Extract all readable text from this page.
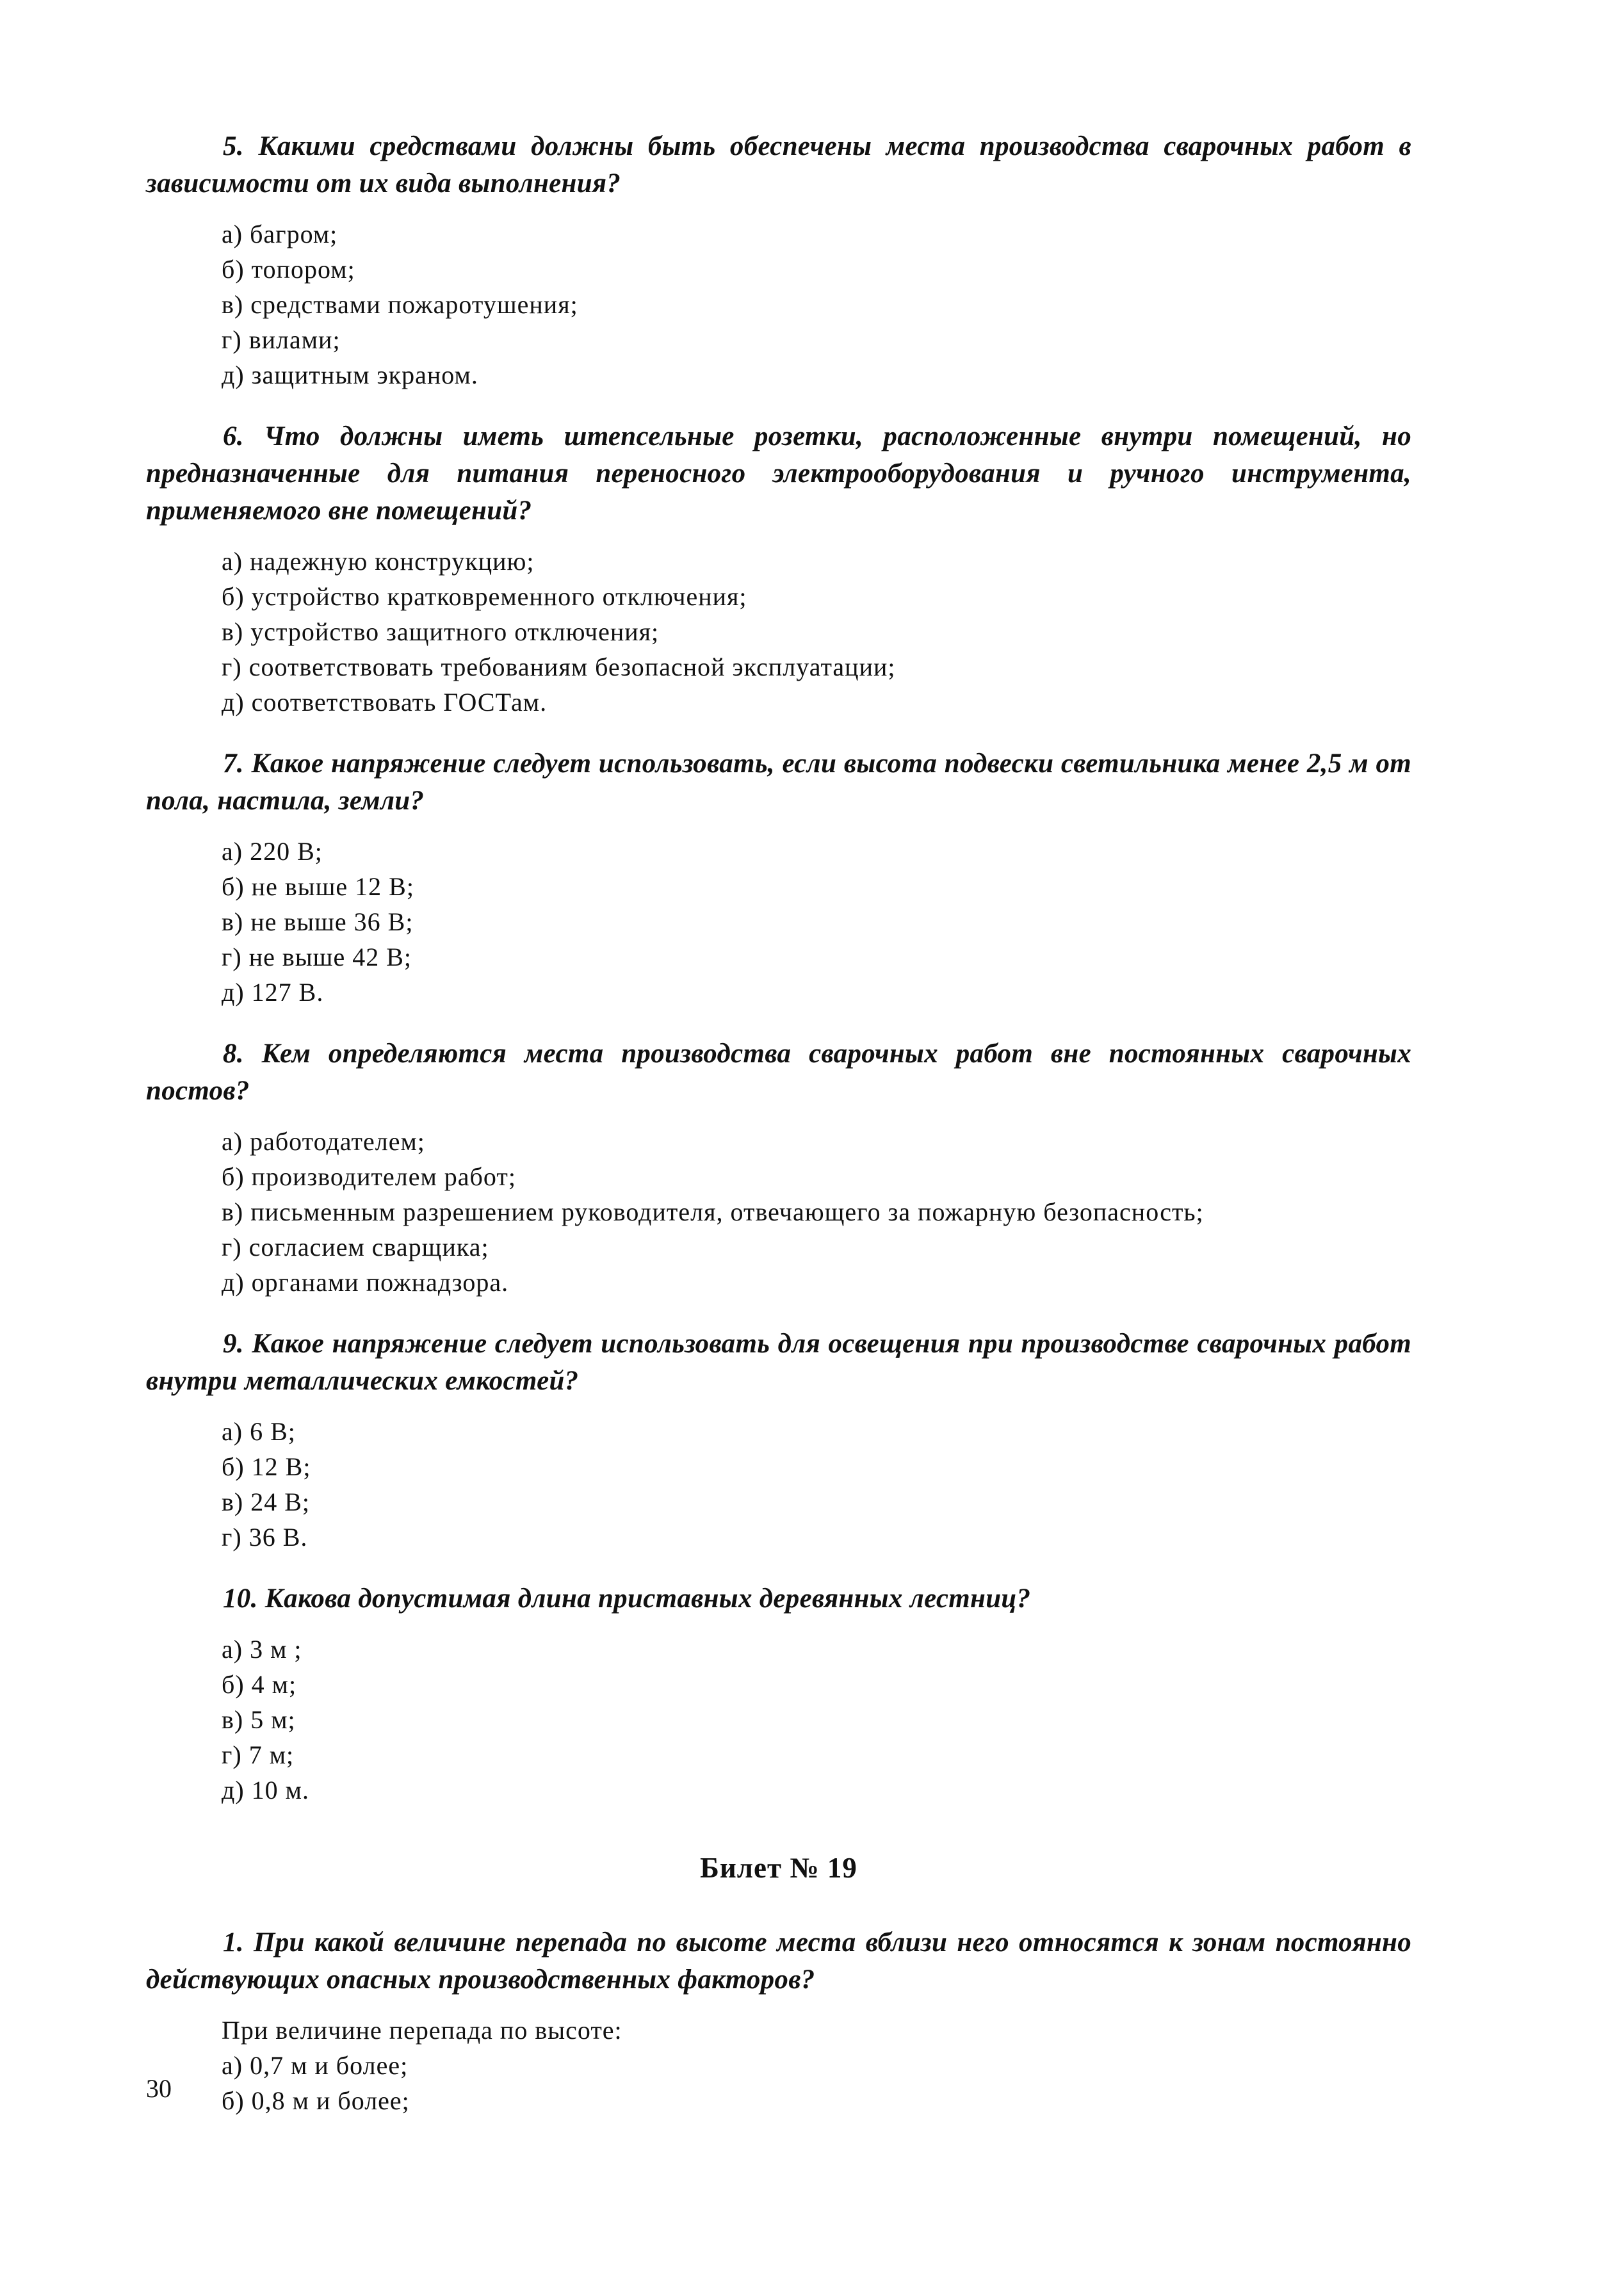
5. Какими средствами должны быть обеспечены места производства сварочных работ в зависимости от их вида выполнения?

а) багром;
б) топором;
в) средствами пожаротушения;
г) вилами;
д) защитным экраном.

6. Что должны иметь штепсельные розетки, расположенные внутри помещений, но предназначенные для питания переносного электрооборудования и ручного инструмента, применяемого вне помещений?

а) надежную конструкцию;
б) устройство кратковременного отключения;
в) устройство защитного отключения;
г) соответствовать требованиям безопасной эксплуатации;
д) соответствовать ГОСТам.

7. Какое напряжение следует использовать, если высота подвески светильника менее 2,5 м от пола, настила, земли?

а) 220 В;
б) не выше 12 В;
в) не выше 36 В;
г) не выше 42 В;
д) 127 В.

8. Кем определяются места производства сварочных работ вне постоянных сварочных постов?

а) работодателем;
б) производителем работ;
в) письменным разрешением руководителя, отвечающего за пожарную безопасность;
г) согласием сварщика;
д) органами пожнадзора.

9. Какое напряжение следует использовать для освещения при производстве сварочных работ внутри металлических емкостей?

а) 6 В;
б) 12 В;
в) 24 В;
г) 36 В.

10. Какова допустимая длина приставных деревянных лестниц?

а) 3 м ;
б) 4 м;
в) 5 м;
г) 7 м;
д) 10 м.
Билет № 19

1. При какой величине перепада по высоте места вблизи него относятся к зонам постоянно действующих опасных производственных факторов?

При величине перепада по высоте:
а) 0,7 м и более;
б) 0,8 м и более;
30
